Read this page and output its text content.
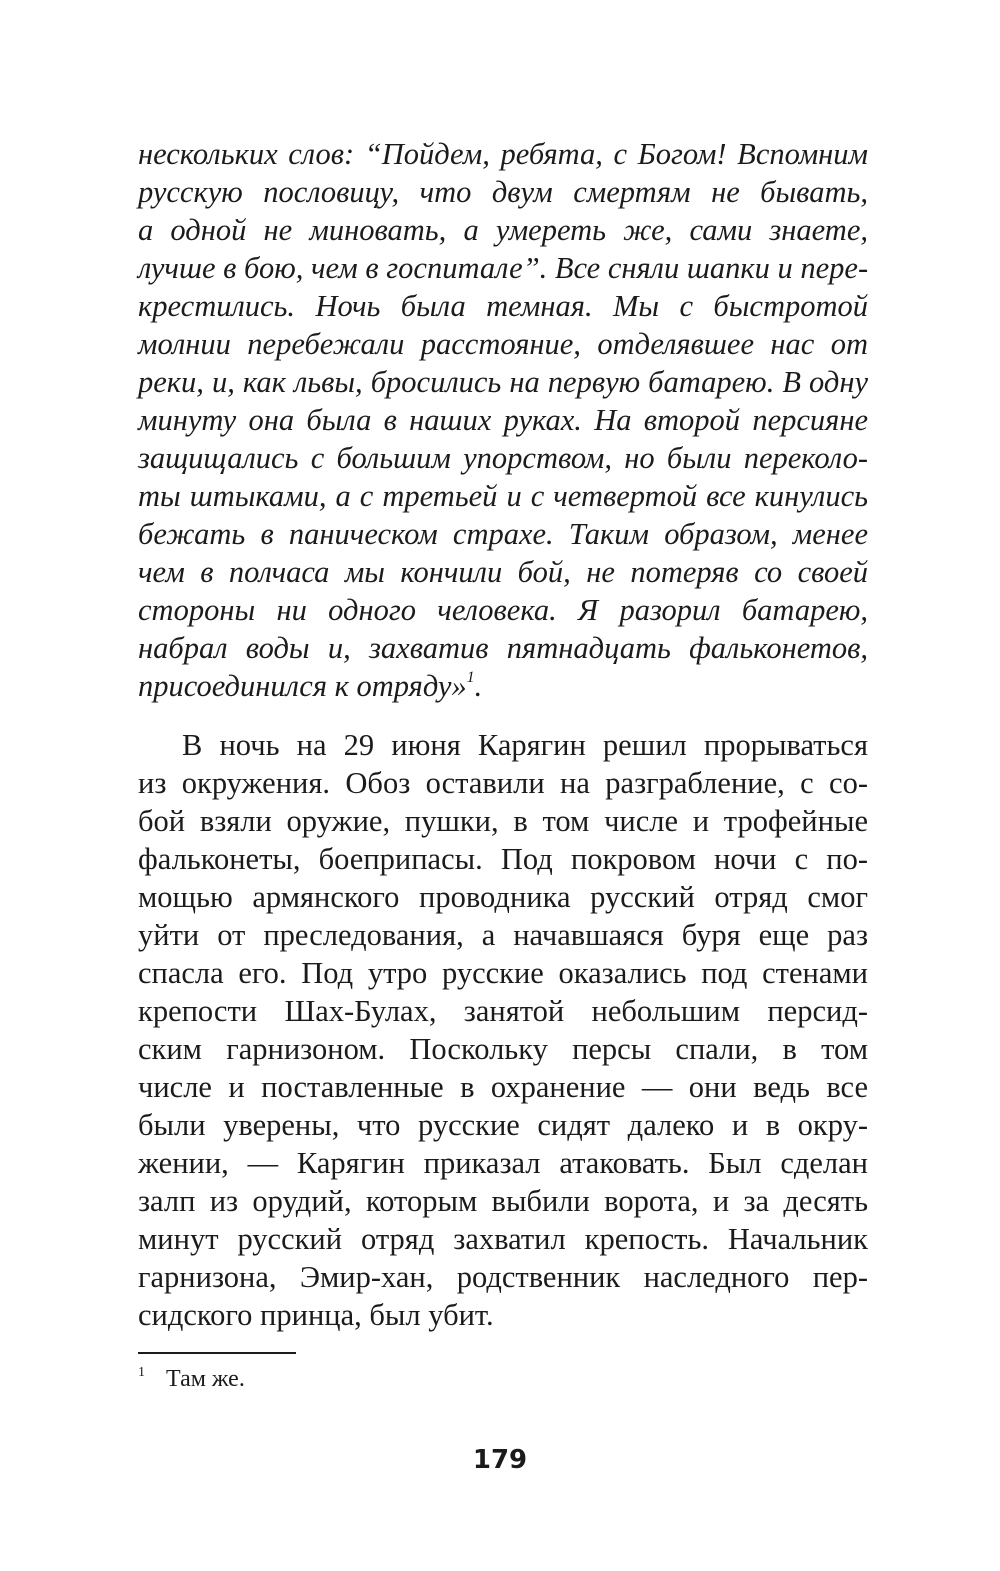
нескольких слов: “Пойдем, ребята, с Богом! Вспомним
русскую пословицу, что двум смертям не бывать,
а одной не миновать, а умереть же, сами знаете,
лучше в бою, чем в госпитале”. Все сняли шапки и пере-
крестились. Ночь была темная. Мы с быстротой
молнии перебежали расстояние, отделявшее нас от
реки, и, как львы, бросились на первую батарею. В одну
минуту она была в наших руках. На второй персияне
защищались с большим упорством, но были переколо-
ты штыками, а с третьей и с четвертой все кинулись
бежать в паническом страхе. Таким образом, менее
чем в полчаса мы кончили бой, не потеряв со своей
стороны ни одного человека. Я разорил батарею,
набрал воды и, захватив пятнадцать фальконетов,
присоединился к отряду»$^1$.
В ночь на 29 июня Карягин решил прорываться
из окружения. Обоз оставили на разграбление, с со-
бой взяли оружие, пушки, в том числе и трофейные
фальконеты, боеприпасы. Под покровом ночи с по-
мощью армянского проводника русский отряд смог
уйти от преследования, а начавшаяся буря еще раз
спасла его. Под утро русские оказались под стенами
крепости Шах-Булах, занятой небольшим персид-
ским гарнизоном. Поскольку персы спали, в том
числе и поставленные в охранение — они ведь все
были уверены, что русские сидят далеко и в окру-
жении, — Карягин приказал атаковать. Был сделан
залп из орудий, которым выбили ворота, и за десять
минут русский отряд захватил крепость. Начальник
гарнизона, Эмир-хан, родственник наследного пер-
сидского принца, был убит.
1 Там же.
179
